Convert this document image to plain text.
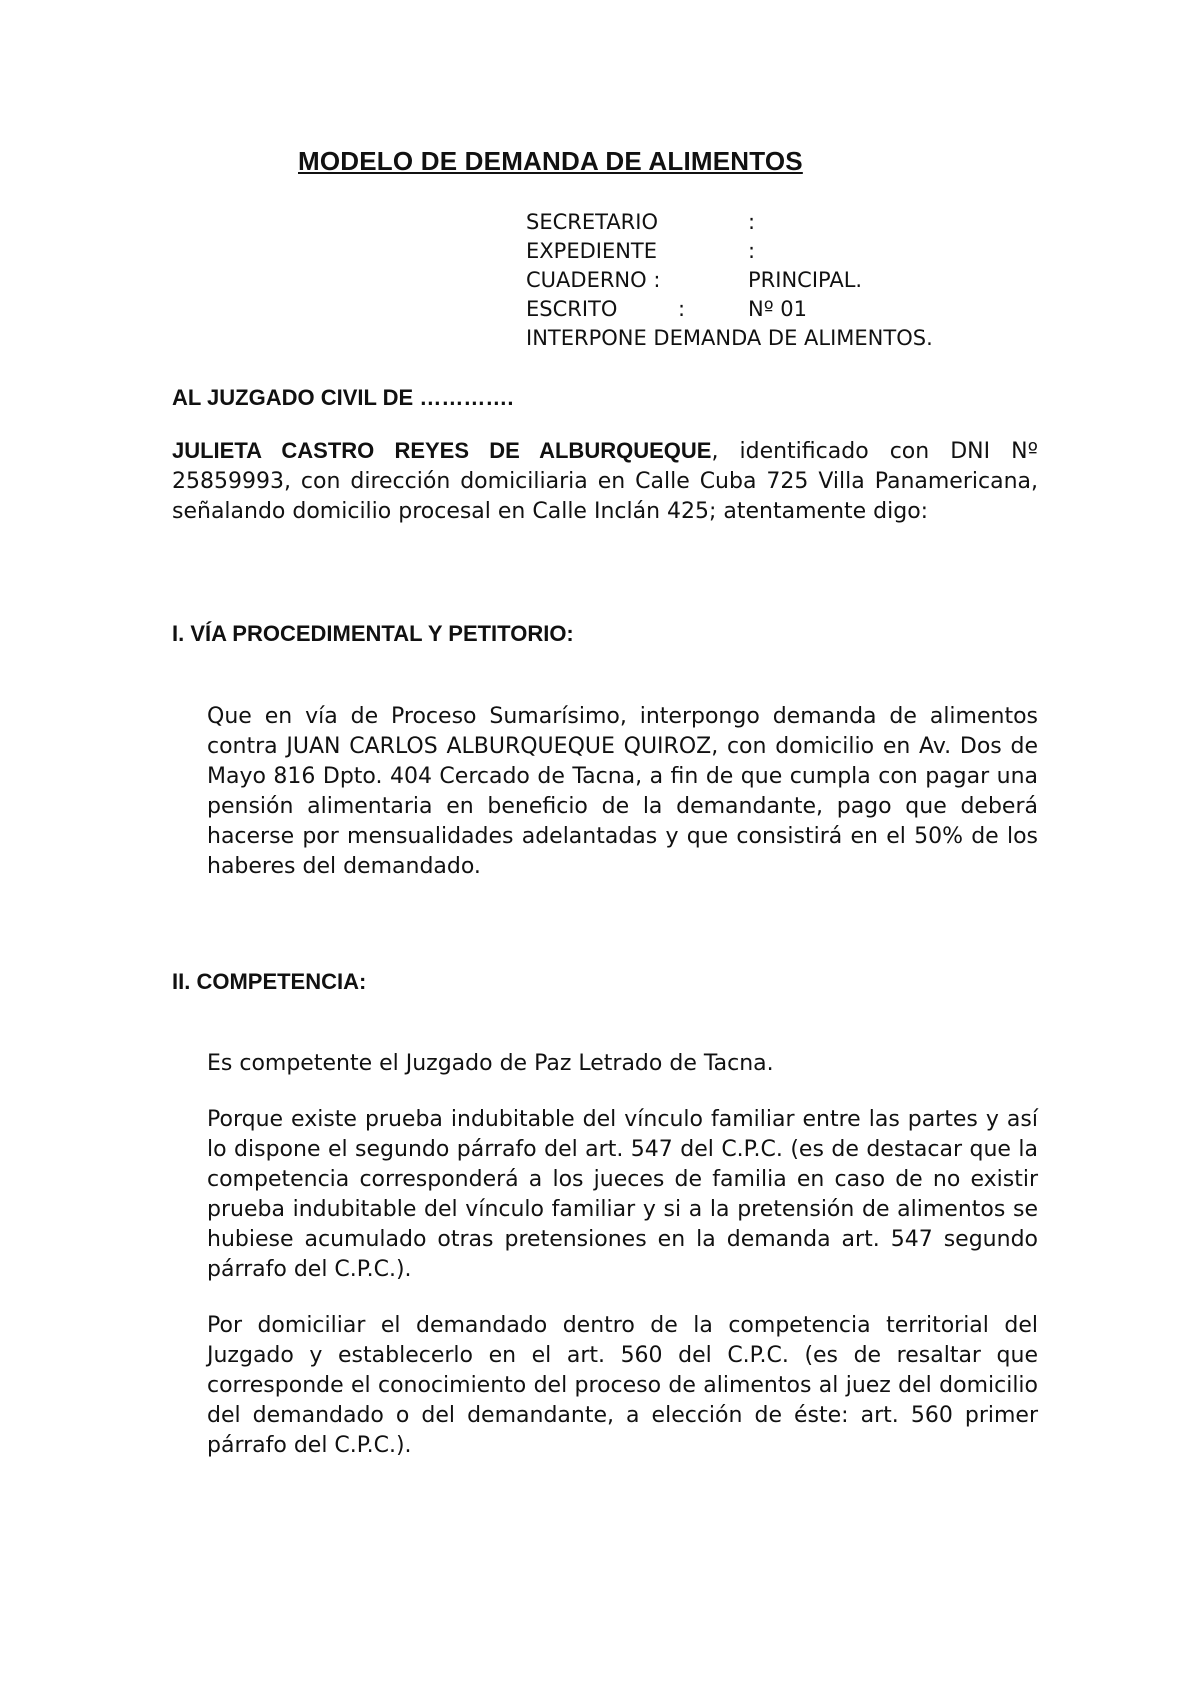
MODELO DE DEMANDA DE ALIMENTOS
SECRETARIO	:
EXPEDIENTE	:
CUADERNO :	PRINCIPAL.
ESCRITO	:	Nº 01
INTERPONE DEMANDA DE ALIMENTOS.

AL JUZGADO CIVIL DE ………….

JULIETA CASTRO REYES DE ALBURQUEQUE, identificado con DNI Nº 25859993, con dirección domiciliaria en Calle Cuba 725 Villa Panamericana, señalando domicilio procesal en Calle Inclán 425; atentamente digo:

I. VÍA PROCEDIMENTAL Y PETITORIO:

Que en vía de Proceso Sumarísimo, interpongo demanda de alimentos contra JUAN CARLOS ALBURQUEQUE QUIROZ, con domicilio en Av. Dos de Mayo 816 Dpto. 404 Cercado de Tacna, a fin de que cumpla con pagar una pensión alimentaria en beneficio de la demandante, pago que deberá hacerse por mensualidades adelantadas y que consistirá en el 50% de los haberes del demandado.

II. COMPETENCIA:

Es competente el Juzgado de Paz Letrado de Tacna.

Porque existe prueba indubitable del vínculo familiar entre las partes y así lo dispone el segundo párrafo del art. 547 del C.P.C. (es de destacar que la competencia corresponderá a los jueces de familia en caso de no existir prueba indubitable del vínculo familiar y si a la pretensión de alimentos se hubiese acumulado otras pretensiones en la demanda art. 547 segundo párrafo del C.P.C.).

Por domiciliar el demandado dentro de la competencia territorial del Juzgado y establecerlo en el art. 560 del C.P.C. (es de resaltar que corresponde el conocimiento del proceso de alimentos al juez del domicilio del demandado o del demandante, a elección de éste: art. 560 primer párrafo del C.P.C.).
